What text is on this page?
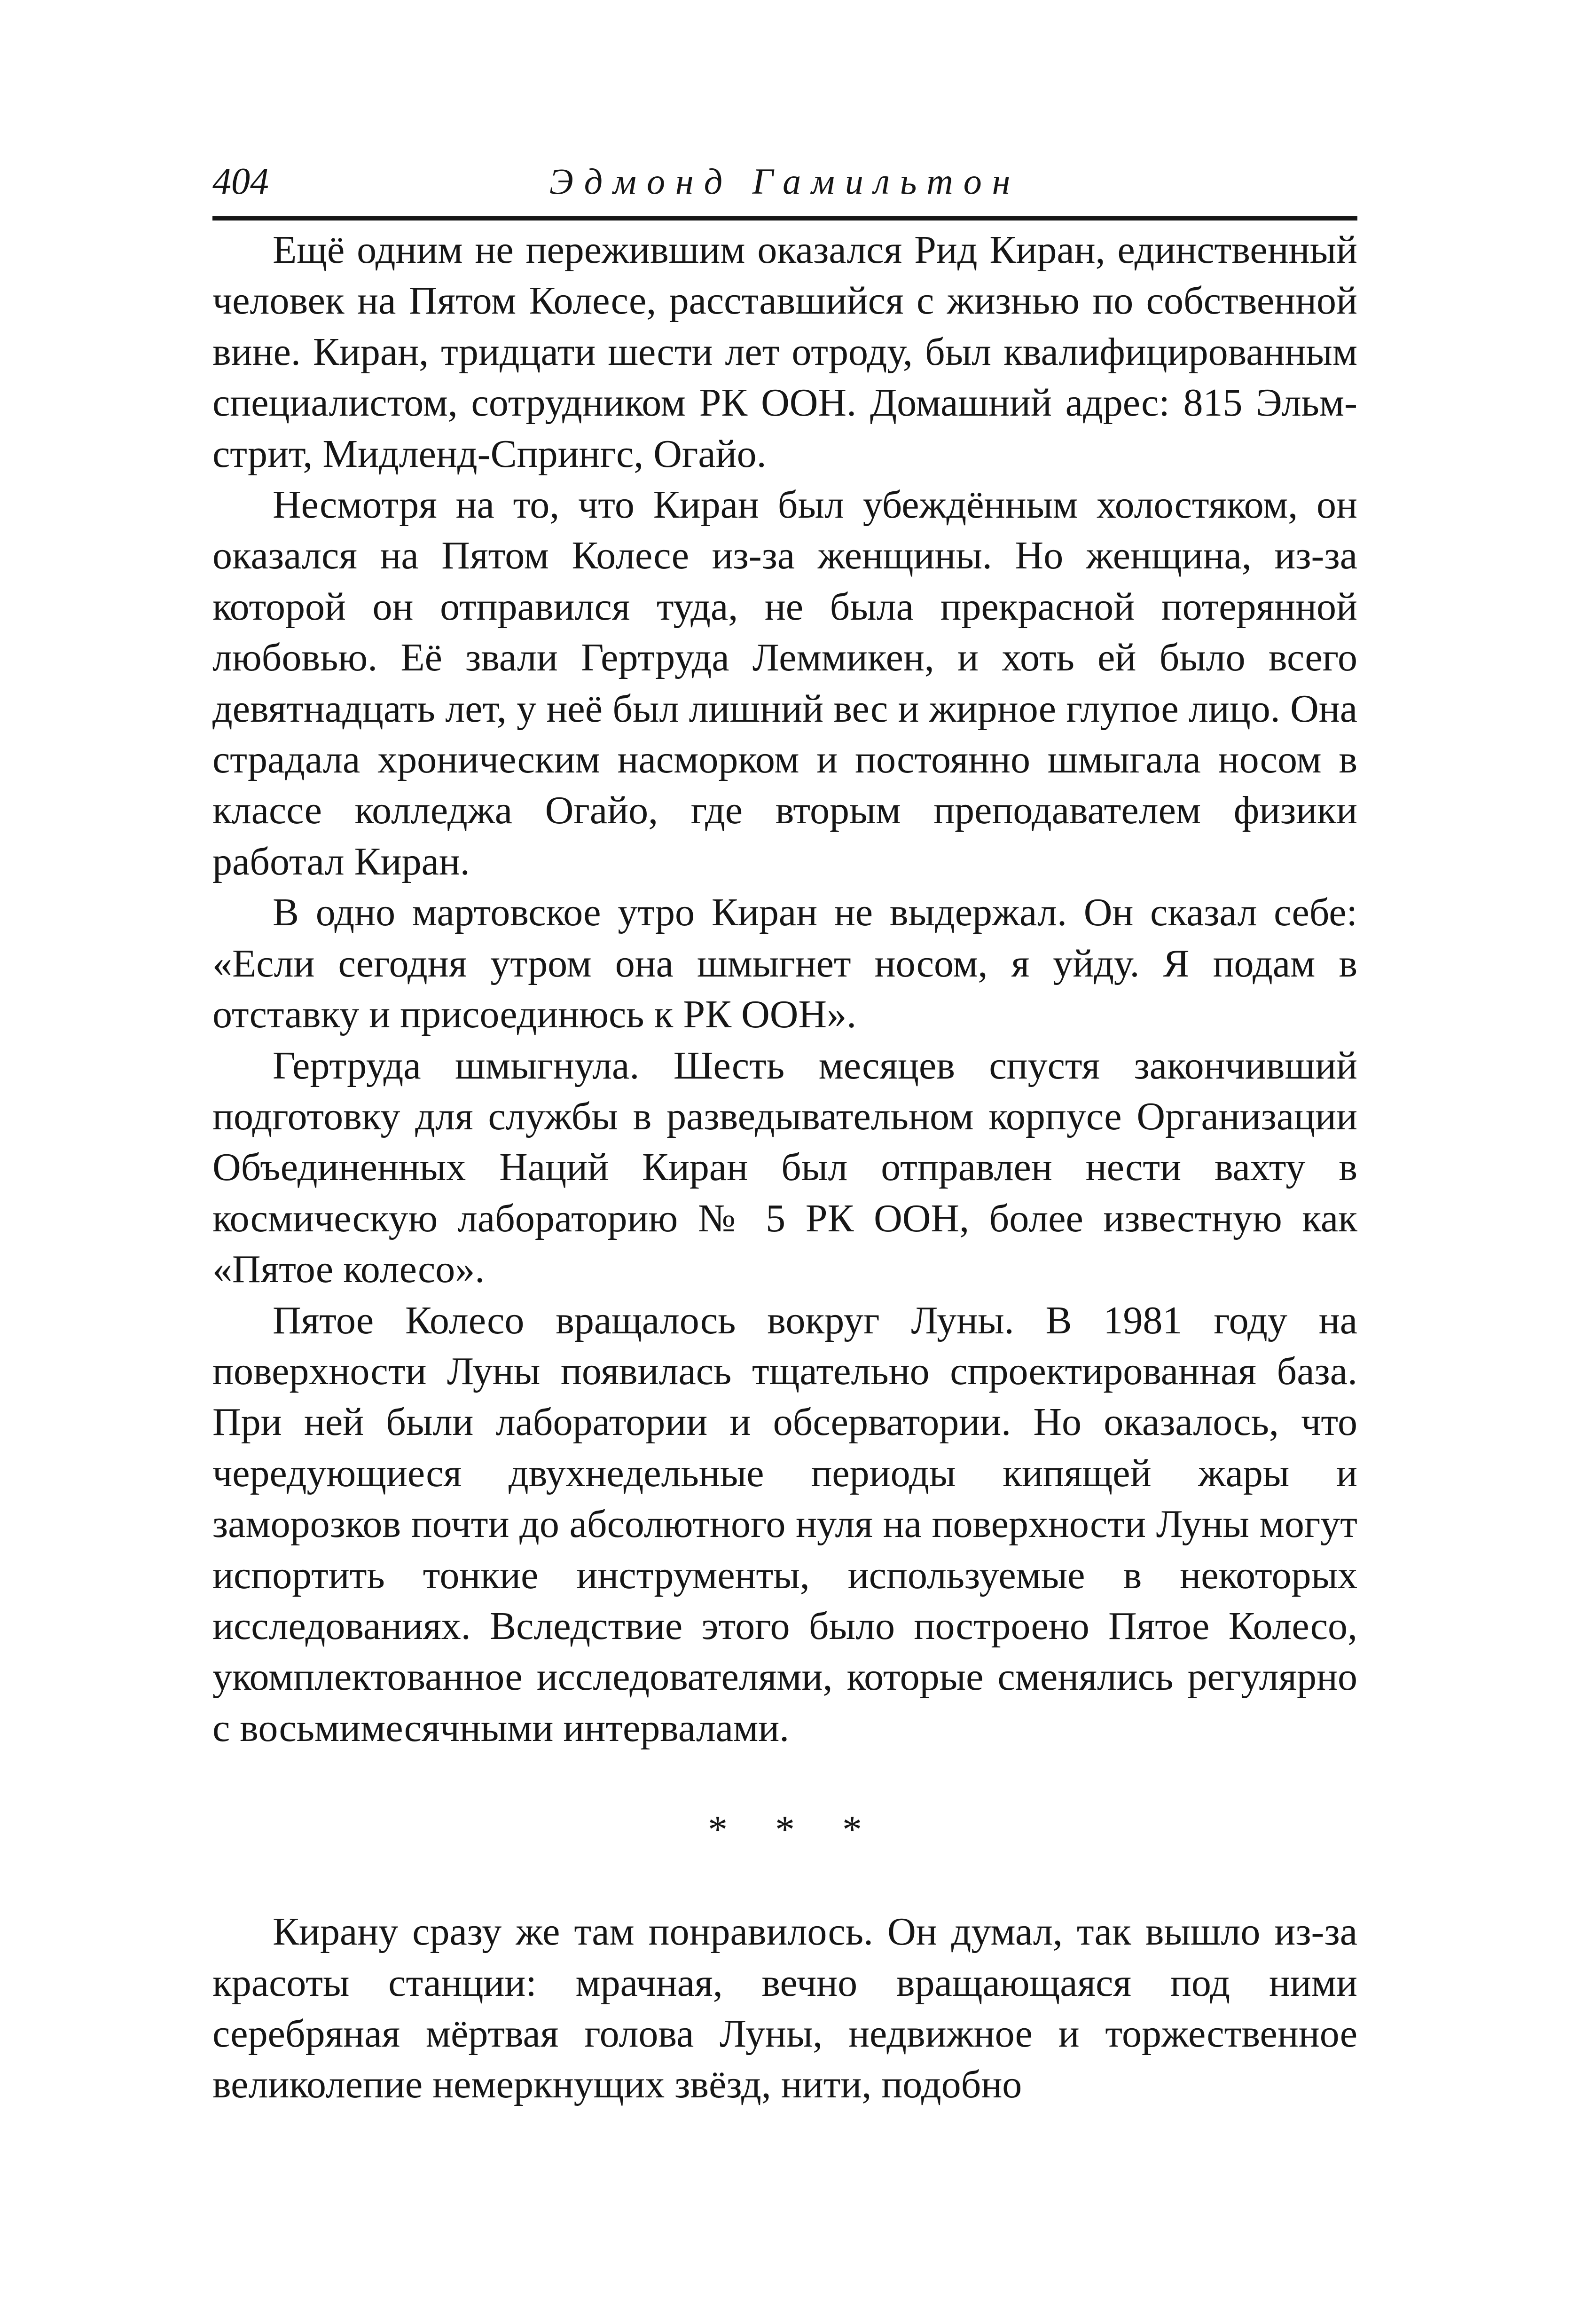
404	Эдмонд Гамильтон

Ещё одним не пережившим оказался Рид Киран, единственный человек на Пятом Колесе, расставшийся с жизнью по собственной вине. Киран, тридцати шести лет отроду, был квалифицированным специалистом, сотрудником РК ООН. Домашний адрес: 815 Эльм-стрит, Мидленд-Спрингс, Огайо.

Несмотря на то, что Киран был убеждённым холостяком, он оказался на Пятом Колесе из-за женщины. Но женщина, из-за которой он отправился туда, не была прекрасной потерянной любовью. Её звали Гертруда Леммикен, и хоть ей было всего девятнадцать лет, у неё был лишний вес и жирное глупое лицо. Она страдала хроническим насморком и постоянно шмыгала носом в классе колледжа Огайо, где вторым преподавателем физики работал Киран.

В одно мартовское утро Киран не выдержал. Он сказал себе: «Если сегодня утром она шмыгнет носом, я уйду. Я подам в отставку и присоединюсь к РК ООН».

Гертруда шмыгнула. Шесть месяцев спустя закончивший подготовку для службы в разведывательном корпусе Организации Объединенных Наций Киран был отправлен нести вахту в космическую лабораторию № 5 РК ООН, более известную как «Пятое колесо».

Пятое Колесо вращалось вокруг Луны. В 1981 году на поверхности Луны появилась тщательно спроектированная база. При ней были лаборатории и обсерватории. Но оказалось, что чередующиеся двухнедельные периоды кипящей жары и заморозков почти до абсолютного нуля на поверхности Луны могут испортить тонкие инструменты, используемые в некоторых исследованиях. Вследствие этого было построено Пятое Колесо, укомплектованное исследователями, которые сменялись регулярно с восьмимесячными интервалами.

* * *

Кирану сразу же там понравилось. Он думал, так вышло из-за красоты станции: мрачная, вечно вращающаяся под ними серебряная мёртвая голова Луны, недвижное и торжественное великолепие немеркнущих звёзд, нити, подобно
